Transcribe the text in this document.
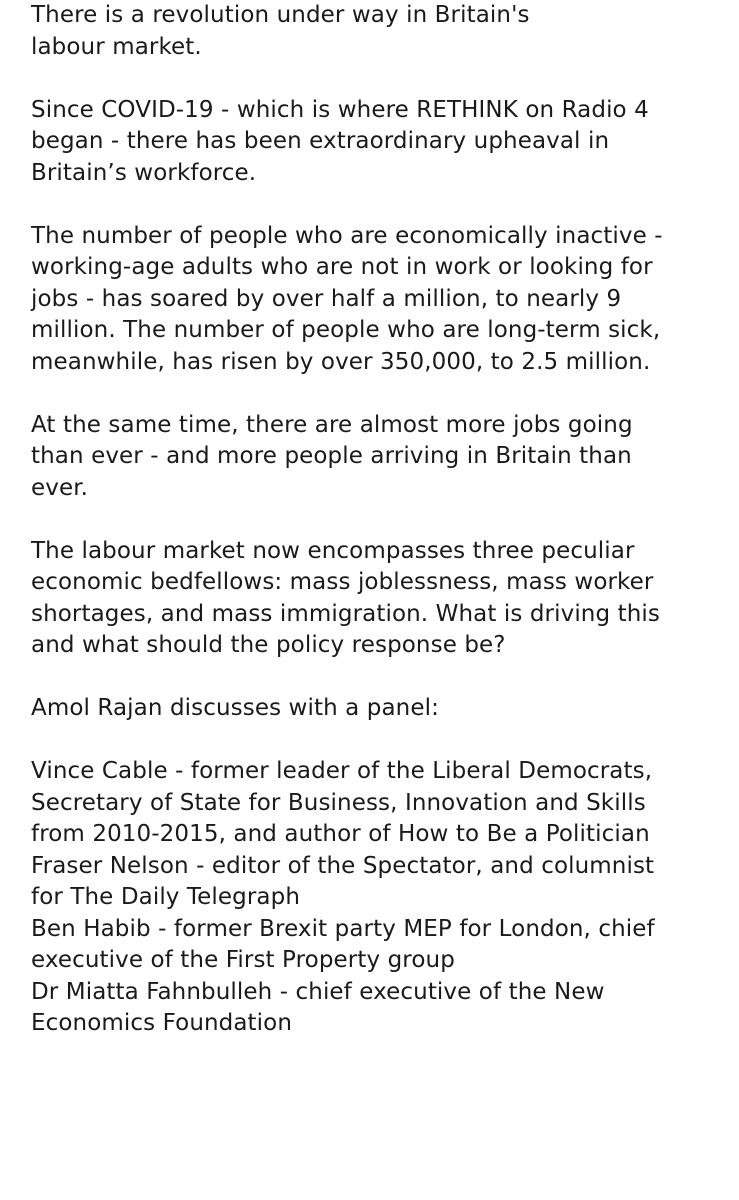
There is a revolution under way in Britain's
labour market.

Since COVID-19 - which is where RETHINK on Radio 4
began - there has been extraordinary upheaval in
Britain’s workforce.

The number of people who are economically inactive -
working-age adults who are not in work or looking for
jobs - has soared by over half a million, to nearly 9
million. The number of people who are long-term sick,
meanwhile, has risen by over 350,000, to 2.5 million.

At the same time, there are almost more jobs going
than ever - and more people arriving in Britain than
ever.

The labour market now encompasses three peculiar
economic bedfellows: mass joblessness, mass worker
shortages, and mass immigration. What is driving this
and what should the policy response be?

Amol Rajan discusses with a panel:

Vince Cable - former leader of the Liberal Democrats,
Secretary of State for Business, Innovation and Skills
from 2010-2015, and author of How to Be a Politician
Fraser Nelson - editor of the Spectator, and columnist
for The Daily Telegraph
Ben Habib - former Brexit party MEP for London, chief
executive of the First Property group
Dr Miatta Fahnbulleh - chief executive of the New
Economics Foundation
